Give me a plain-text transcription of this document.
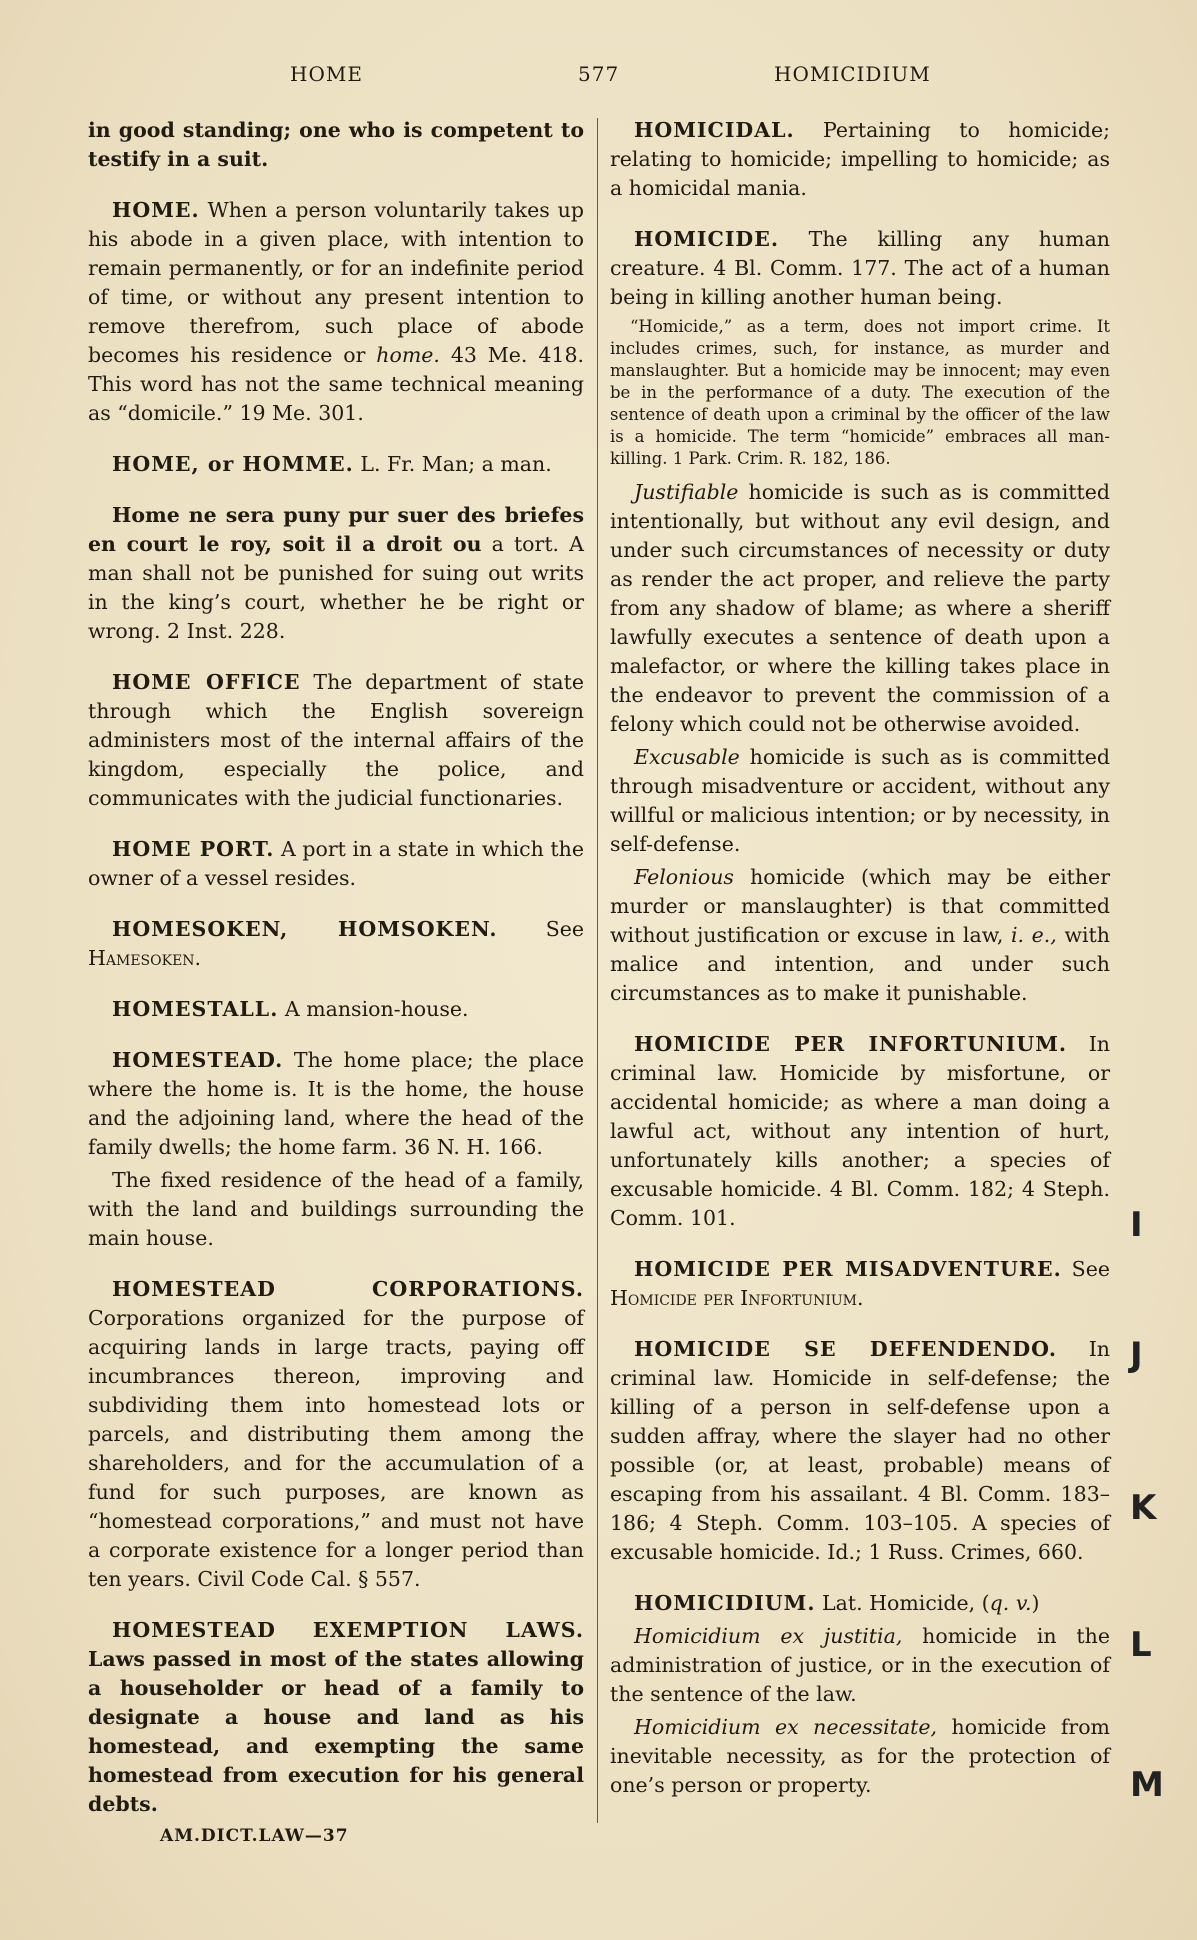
HOME	577	HOMICIDIUM

in good standing; one who is competent to testify in a suit.

HOME. When a person voluntarily takes up his abode in a given place, with intention to remain permanently, or for an indefinite period of time, or without any present intention to remove therefrom, such place of abode becomes his residence or home. 43 Me. 418. This word has not the same technical meaning as “domicile.” 19 Me. 301.

HOME, or HOMME. L. Fr. Man; a man.

Home ne sera puny pur suer des briefes en court le roy, soit il a droit ou a tort. A man shall not be punished for suing out writs in the king’s court, whether he be right or wrong. 2 Inst. 228.

HOME OFFICE The department of state through which the English sovereign administers most of the internal affairs of the kingdom, especially the police, and communicates with the judicial functionaries.

HOME PORT. A port in a state in which the owner of a vessel resides.

HOMESOKEN, HOMSOKEN. See Hamesoken.

HOMESTALL. A mansion-house.

HOMESTEAD. The home place; the place where the home is. It is the home, the house and the adjoining land, where the head of the family dwells; the home farm. 36 N. H. 166.

The fixed residence of the head of a family, with the land and buildings surrounding the main house.

HOMESTEAD CORPORATIONS. Corporations organized for the purpose of acquiring lands in large tracts, paying off incumbrances thereon, improving and subdividing them into homestead lots or parcels, and distributing them among the shareholders, and for the accumulation of a fund for such purposes, are known as “homestead corporations,” and must not have a corporate existence for a longer period than ten years. Civil Code Cal. § 557.

HOMESTEAD EXEMPTION LAWS. Laws passed in most of the states allowing a householder or head of a family to designate a house and land as his homestead, and exempting the same homestead from execution for his general debts.

HOMICIDAL. Pertaining to homicide; relating to homicide; impelling to homicide; as a homicidal mania.

HOMICIDE. The killing any human creature. 4 Bl. Comm. 177. The act of a human being in killing another human being.

“Homicide,” as a term, does not import crime. It includes crimes, such, for instance, as murder and manslaughter. But a homicide may be innocent; may even be in the performance of a duty. The execution of the sentence of death upon a criminal by the officer of the law is a homicide. The term “homicide” embraces all man-killing. 1 Park. Crim. R. 182, 186.

Justifiable homicide is such as is committed intentionally, but without any evil design, and under such circumstances of necessity or duty as render the act proper, and relieve the party from any shadow of blame; as where a sheriff lawfully executes a sentence of death upon a malefactor, or where the killing takes place in the endeavor to prevent the commission of a felony which could not be otherwise avoided.

Excusable homicide is such as is committed through misadventure or accident, without any willful or malicious intention; or by necessity, in self-defense.

Felonious homicide (which may be either murder or manslaughter) is that committed without justification or excuse in law, i. e., with malice and intention, and under such circumstances as to make it punishable.

HOMICIDE PER INFORTUNIUM. In criminal law. Homicide by misfortune, or accidental homicide; as where a man doing a lawful act, without any intention of hurt, unfortunately kills another; a species of excusable homicide. 4 Bl. Comm. 182; 4 Steph. Comm. 101.

HOMICIDE PER MISADVENTURE. See Homicide per Infortunium.

HOMICIDE SE DEFENDENDO. In criminal law. Homicide in self-defense; the killing of a person in self-defense upon a sudden affray, where the slayer had no other possible (or, at least, probable) means of escaping from his assailant. 4 Bl. Comm. 183–186; 4 Steph. Comm. 103–105. A species of excusable homicide. Id.; 1 Russ. Crimes, 660.

HOMICIDIUM. Lat. Homicide, (q. v.)

Homicidium ex justitia, homicide in the administration of justice, or in the execution of the sentence of the law.

Homicidium ex necessitate, homicide from inevitable necessity, as for the protection of one’s person or property.

AM.DICT.LAW—37
I
J
K
L
M
